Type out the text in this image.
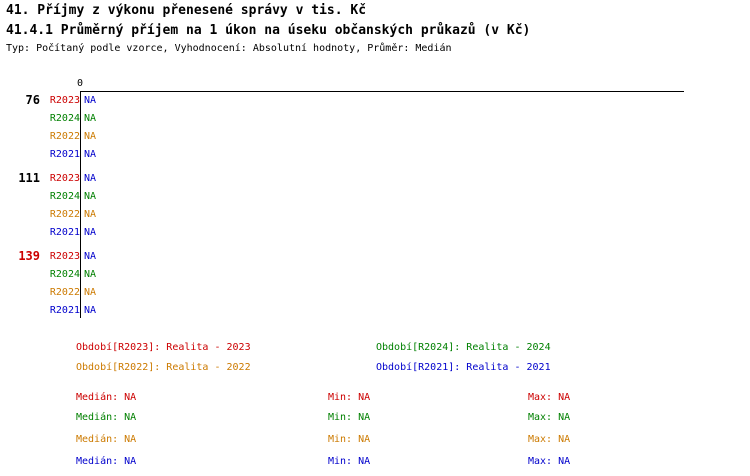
41. Příjmy z výkonu přenesené správy v tis. Kč
41.4.1 Průměrný příjem na 1 úkon na úseku občanských průkazů (v Kč)
Typ: Počítaný podle vzorce, Vyhodnocení: Absolutní hodnoty, Průměr: Medián
0
76 R2023 NA
R2024 NA
R2022 NA
R2021 NA
111 R2023 NA
R2024 NA
R2022 NA
R2021 NA
139 R2023 NA
R2024 NA
R2022 NA
R2021 NA
Období[R2023]: Realita - 2023	Období[R2024]: Realita - 2024
Období[R2022]: Realita - 2022	Období[R2021]: Realita - 2021
Medián: NA	Min: NA	Max: NA
Medián: NA	Min: NA	Max: NA
Medián: NA	Min: NA	Max: NA
Medián: NA	Min: NA	Max: NA
